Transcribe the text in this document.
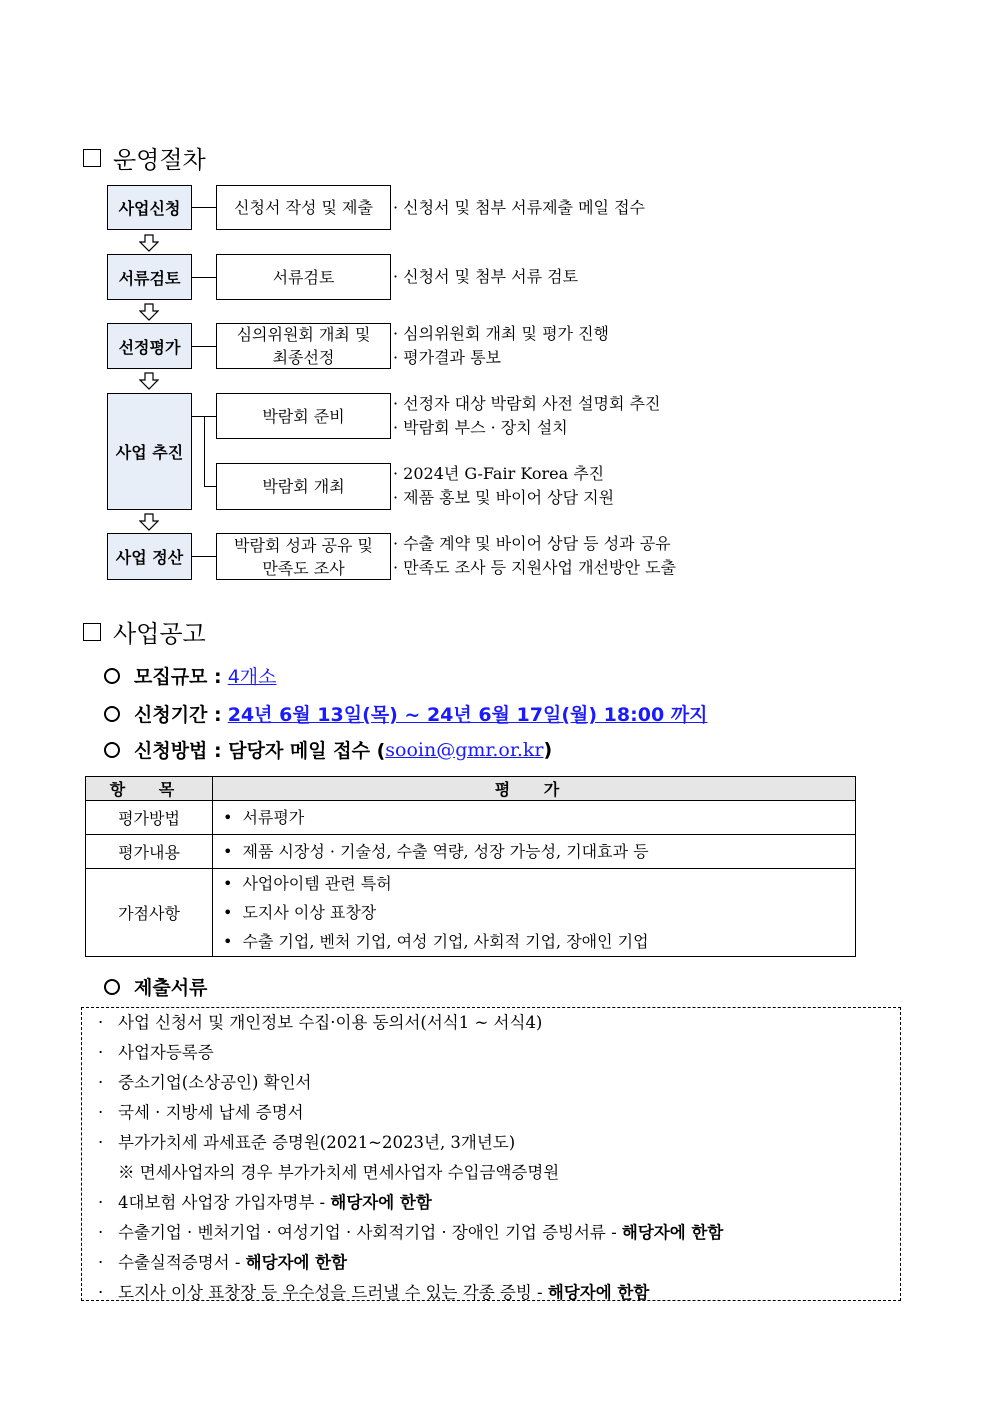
운영절차
사업신청	신청서 작성 및 제출 · 신청서 및 첨부 서류제출 메일 접수
서류검토	서류검토	· 신청서 및 첨부 서류 검토
선정평가
심의위원회 개최 및
최종선정
· 심의위원회 개최 및 평가 진행
· 평가결과 통보
사업 추진
박람회 준비
· 선정자 대상 박람회 사전 설명회 추진
· 박람회 부스 · 장치 설치
박람회 개최
· 2024년 G-Fair Korea 추진
· 제품 홍보 및 바이어 상담 지원
사업 정산
박람회 성과 공유 및
만족도 조사
· 수출 계약 및 바이어 상담 등 성과 공유
· 만족도 조사 등 지원사업 개선방안 도출
사업공고
모집규모 :
4개소
신청기간 :
24년 6월 13일(목) ~ 24년 6월 17일(월) 18:00 까지
신청방법 : 담당자 메일 접수 ( sooin@gmr.or.kr )
항 목	평 가
평가방법	• 서류평가

평가내용	• 제품 시장성 · 기술성, 수출 역량, 성장 가능성, 기대효과 등

가점사항	• 사업아이템 관련 특허
• 도지사 이상 표창장
• 수출 기업, 벤처 기업, 여성 기업, 사회적 기업, 장애인 기업
제출서류
· 사업 신청서 및 개인정보 수집·이용 동의서(서식1 ~ 서식4)
· 사업자등록증
· 중소기업(소상공인) 확인서
· 국세 · 지방세 납세 증명서
· 부가가치세 과세표준 증명원(2021~2023년, 3개년도)
※ 면세사업자의 경우 부가가치세 면세사업자 수입금액증명원
· 4대보험 사업장 가입자명부 - 해당자에 한함
· 수출기업 · 벤처기업 · 여성기업 · 사회적기업 · 장애인 기업 증빙서류 - 해당자에 한함
· 수출실적증명서 - 해당자에 한함
· 도지사 이상 표창장 등 우수성을 드러낼 수 있는 각종 증빙 - 해당자에 한함
